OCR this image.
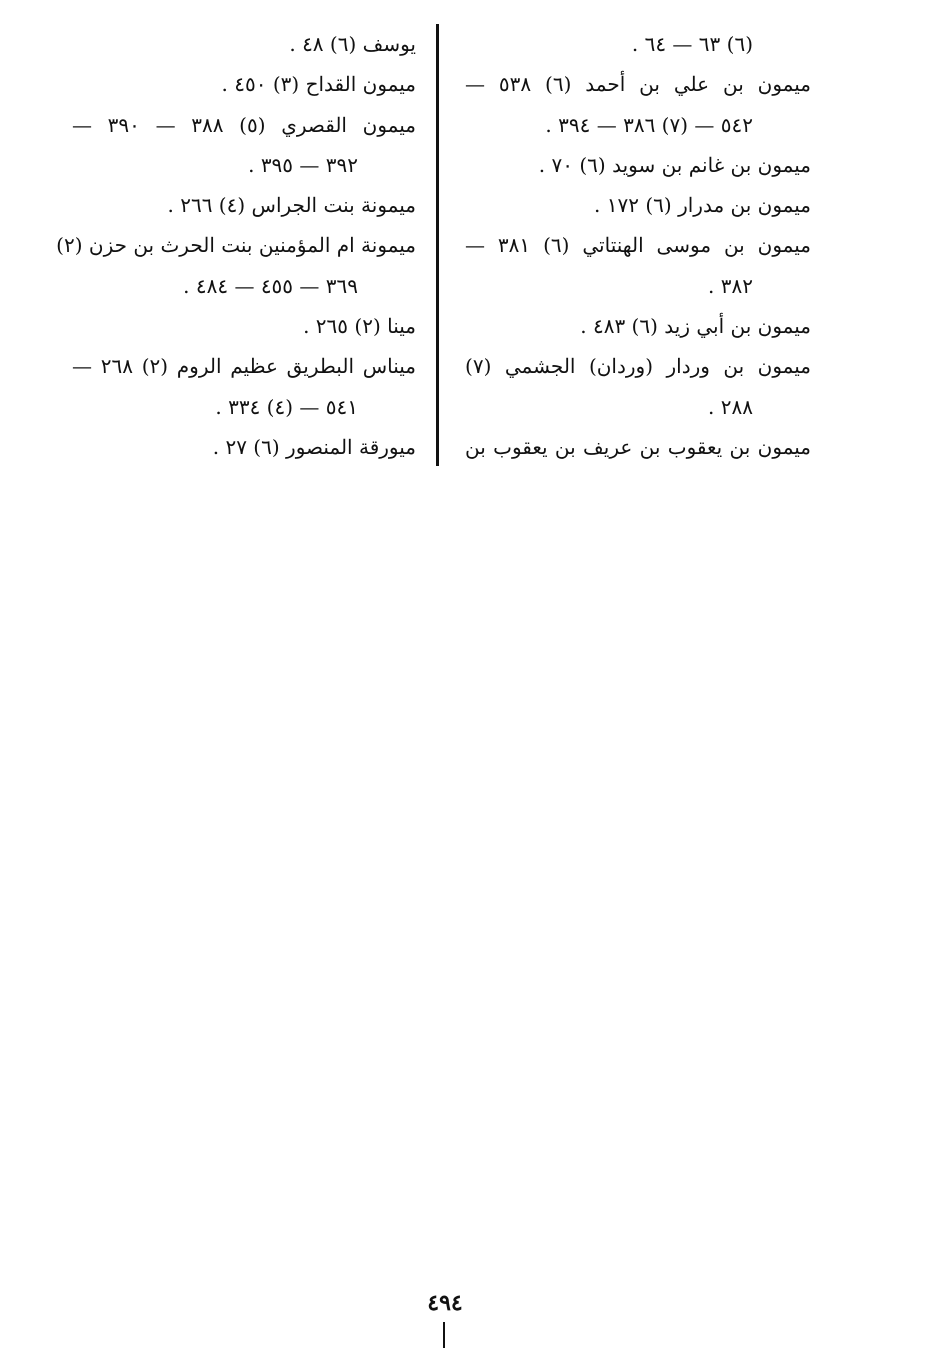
(٦) ٦٣ — ٦٤ .
ميمون بن علي بن أحمد (٦) ٥٣٨ —
٥٤٢ — (٧) ٣٨٦ — ٣٩٤ .
ميمون بن غانم بن سويد (٦) ٧٠ .
ميمون بن مدرار (٦) ١٧٢ .
ميمون بن موسى الهنتاتي (٦) ٣٨١ —
٣٨٢ .
ميمون بن أبي زيد (٦) ٤٨٣ .
ميمون بن وردار (وردان) الجشمي (٧)
٢٨٨ .
ميمون بن يعقوب بن عريف بن يعقوب بن
يوسف (٦) ٤٨ .
ميمون القداح (٣) ٤٥٠ .
ميمون القصري (٥) ٣٨٨ — ٣٩٠ —
٣٩٢ — ٣٩٥ .
ميمونة بنت الجراس (٤) ٢٦٦ .
ميمونة ام المؤمنين بنت الحرث بن حزن (٢)
٣٦٩ — ٤٥٥ — ٤٨٤ .
مينا (٢) ٢٦٥ .
ميناس البطريق عظيم الروم (٢) ٢٦٨ —
٥٤١ — (٤) ٣٣٤ .
ميورقة المنصور (٦) ٢٧ .
٤٩٤
